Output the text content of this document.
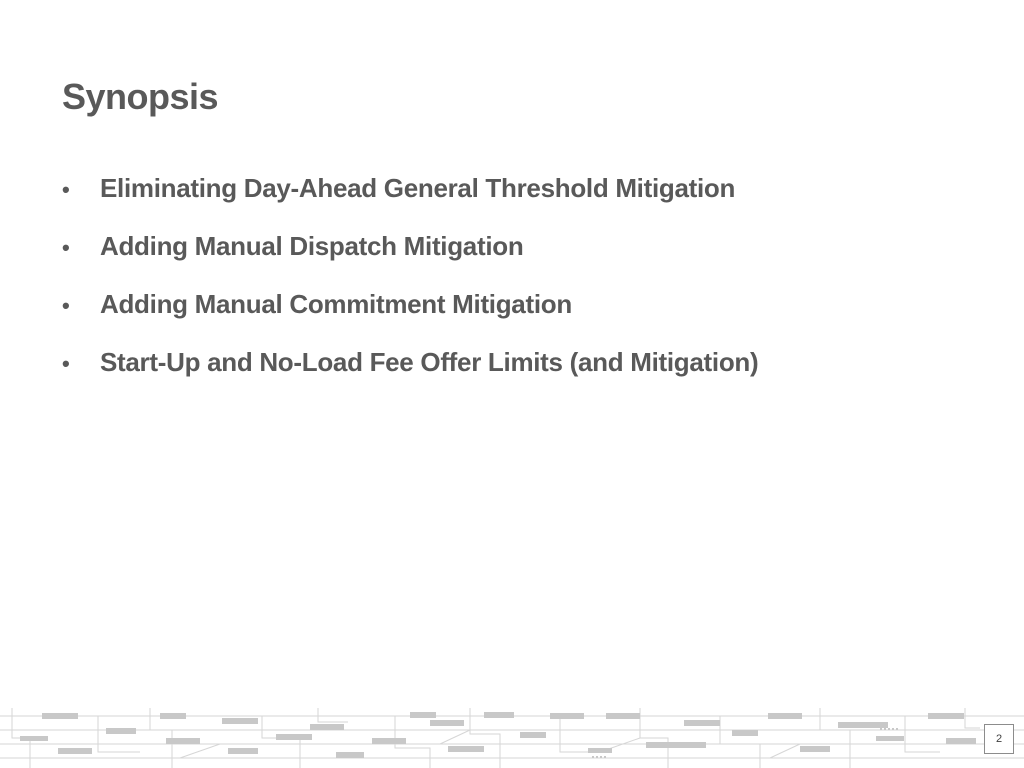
Synopsis
•	Eliminating Day-Ahead General Threshold Mitigation
•	Adding Manual Dispatch Mitigation
•	Adding Manual Commitment Mitigation
•	Start-Up and No-Load Fee Offer Limits (and Mitigation)
2
